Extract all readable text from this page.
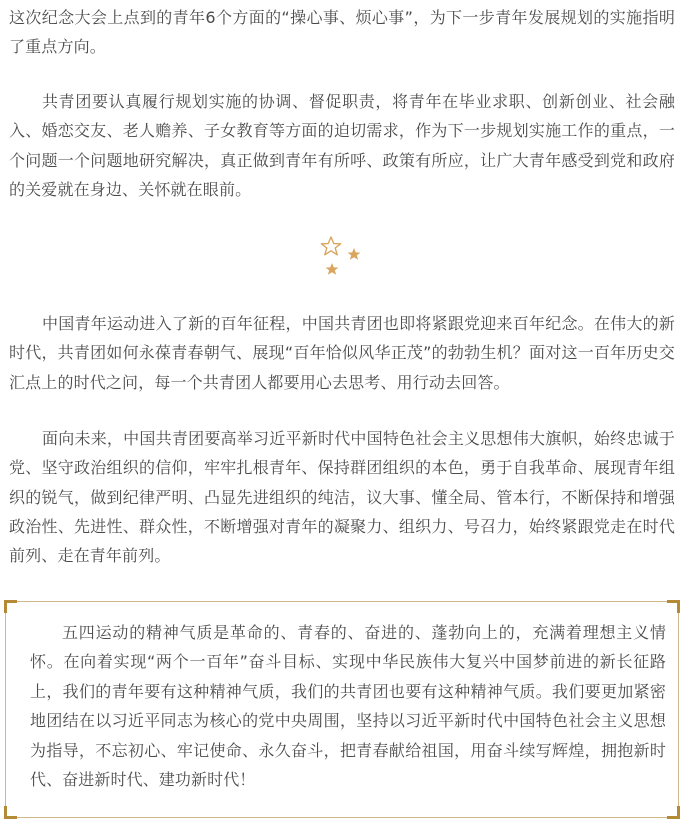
这次纪念大会上点到的青年6个方面的“操心事、烦心事”，为下一步青年发展规划的实施指明了重点方向。

共青团要认真履行规划实施的协调、督促职责，将青年在毕业求职、创新创业、社会融入、婚恋交友、老人赡养、子女教育等方面的迫切需求，作为下一步规划实施工作的重点，一个问题一个问题地研究解决，真正做到青年有所呼、政策有所应，让广大青年感受到党和政府的关爱就在身边、关怀就在眼前。

中国青年运动进入了新的百年征程，中国共青团也即将紧跟党迎来百年纪念。在伟大的新时代，共青团如何永葆青春朝气、展现“百年恰似风华正茂”的勃勃生机？面对这一百年历史交汇点上的时代之问，每一个共青团人都要用心去思考、用行动去回答。

面向未来，中国共青团要高举习近平新时代中国特色社会主义思想伟大旗帜，始终忠诚于党、坚守政治组织的信仰，牢牢扎根青年、保持群团组织的本色，勇于自我革命、展现青年组织的锐气，做到纪律严明、凸显先进组织的纯洁，议大事、懂全局、管本行，不断保持和增强政治性、先进性、群众性，不断增强对青年的凝聚力、组织力、号召力，始终紧跟党走在时代前列、走在青年前列。

五四运动的精神气质是革命的、青春的、奋进的、蓬勃向上的，充满着理想主义情怀。在向着实现“两个一百年”奋斗目标、实现中华民族伟大复兴中国梦前进的新长征路上，我们的青年要有这种精神气质，我们的共青团也要有这种精神气质。我们要更加紧密地团结在以习近平同志为核心的党中央周围，坚持以习近平新时代中国特色社会主义思想为指导，不忘初心、牢记使命、永久奋斗，把青春献给祖国，用奋斗续写辉煌，拥抱新时代、奋进新时代、建功新时代！
